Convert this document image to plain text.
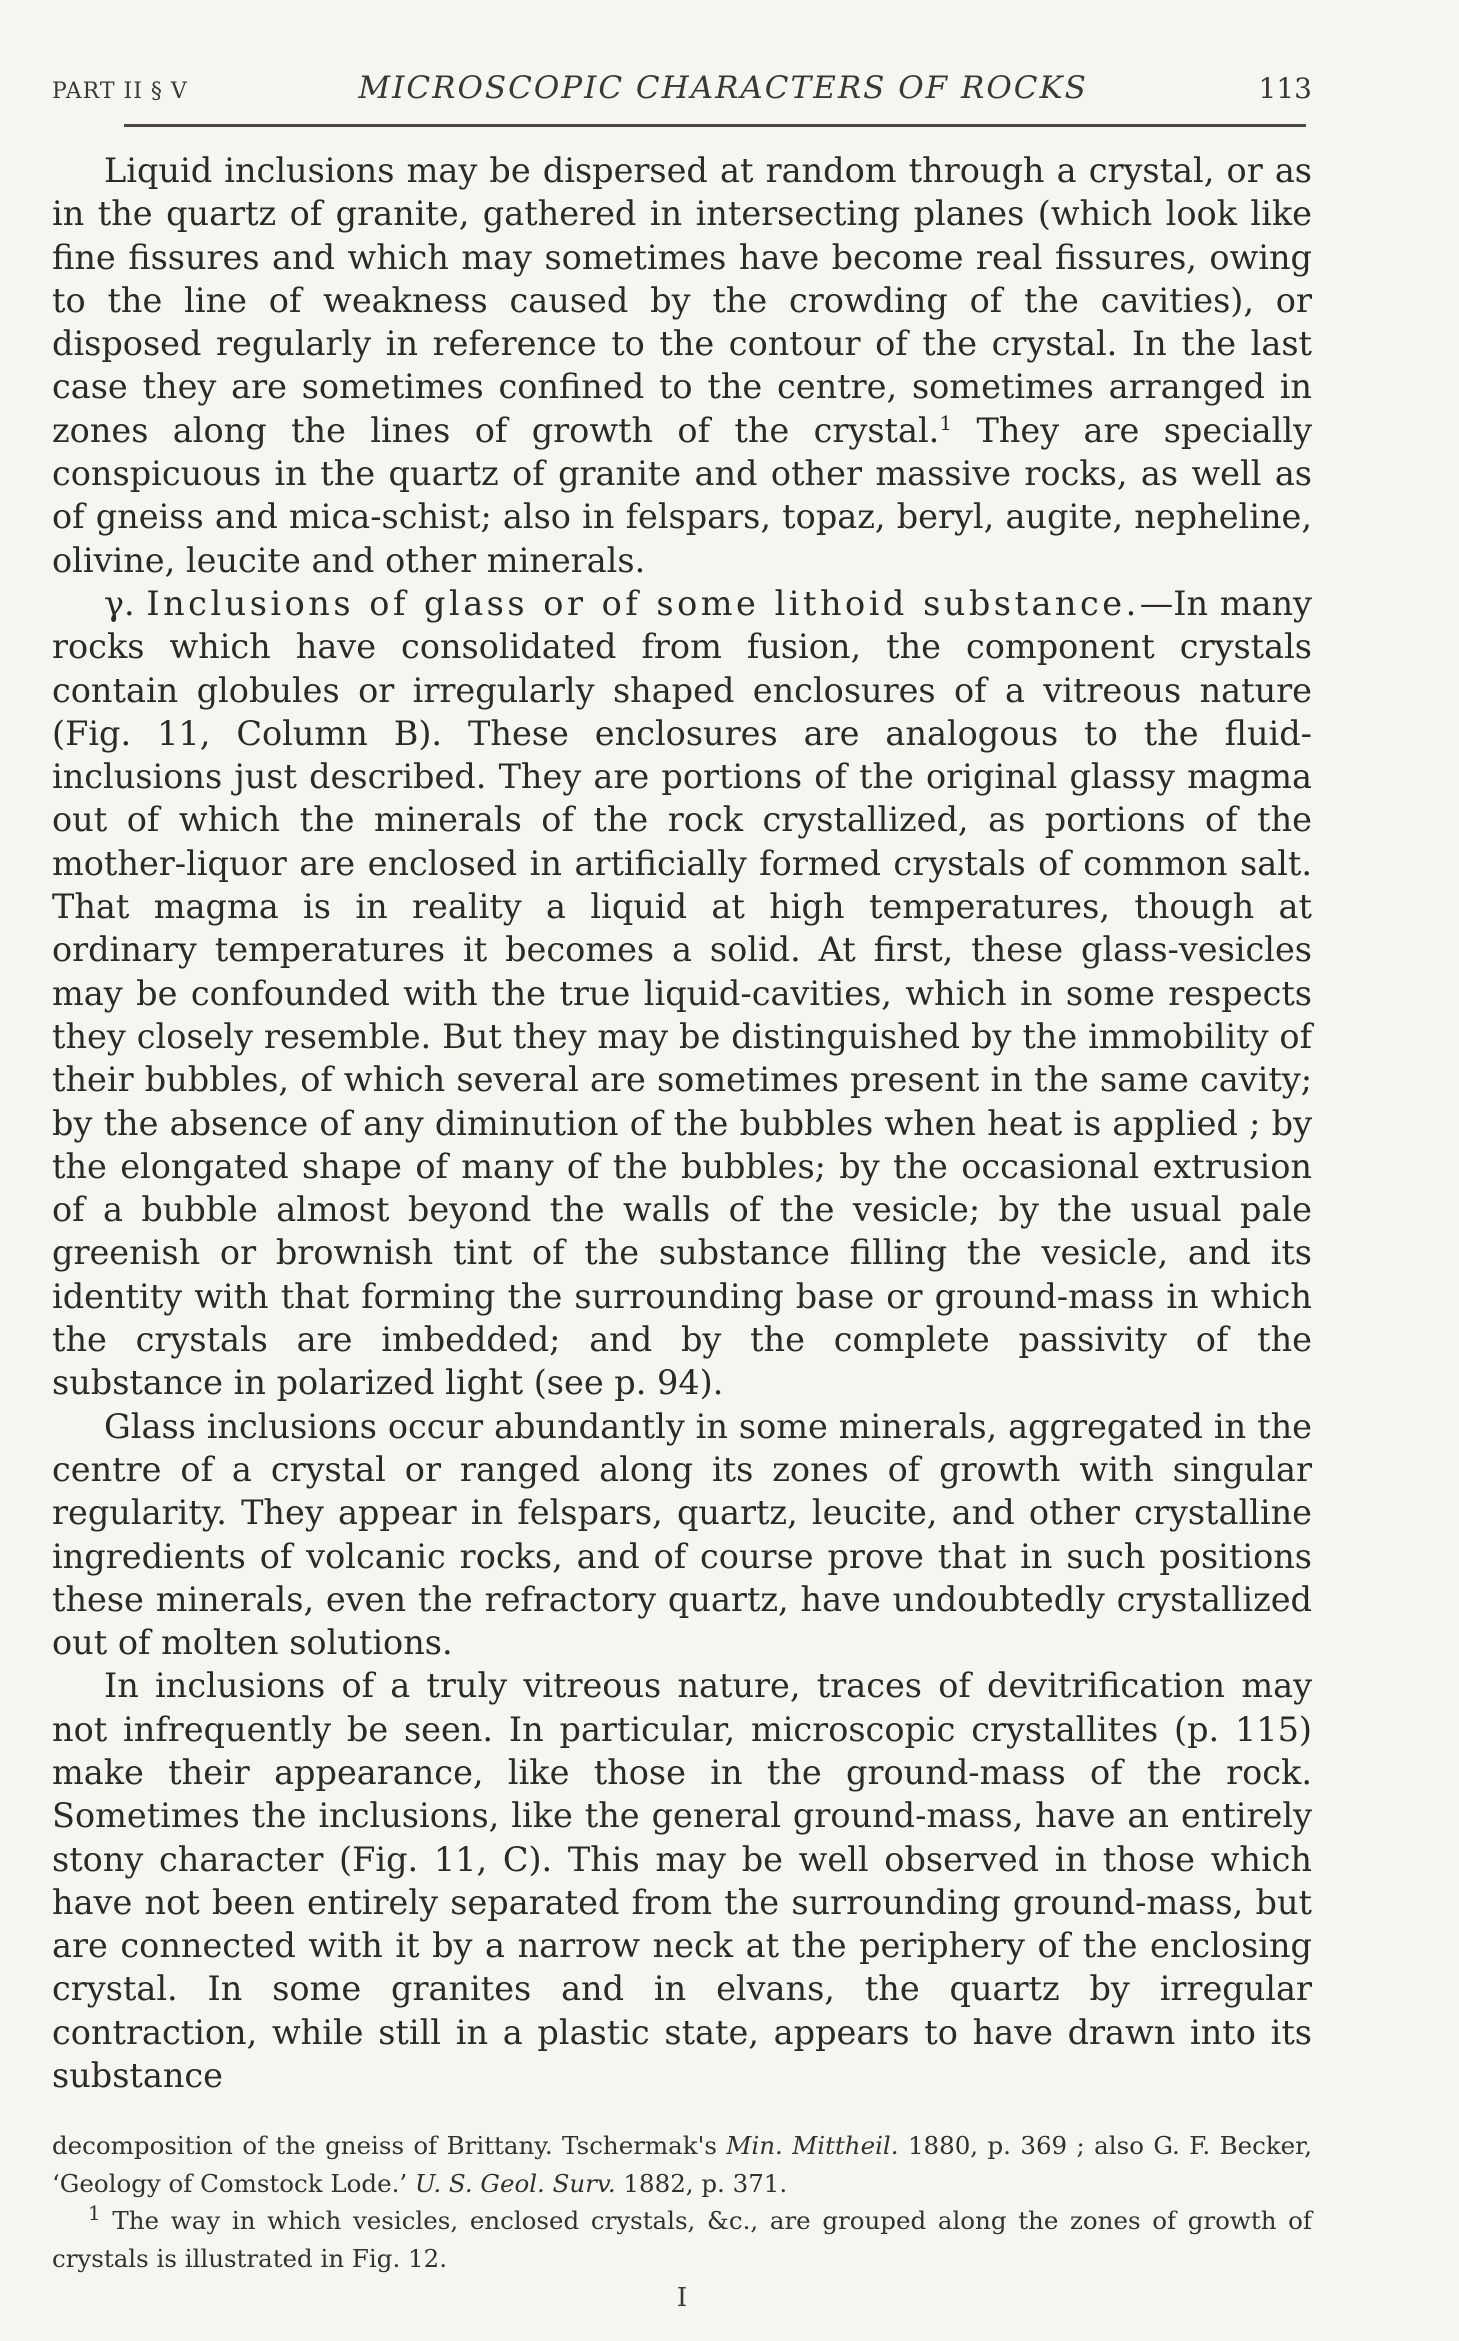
PART II § V	MICROSCOPIC CHARACTERS OF ROCKS	113

Liquid inclusions may be dispersed at random through a crystal, or as in the quartz of granite, gathered in intersecting planes (which look like fine fissures and which may sometimes have become real fissures, owing to the line of weakness caused by the crowding of the cavities), or disposed regularly in reference to the contour of the crystal. In the last case they are sometimes confined to the centre, sometimes arranged in zones along the lines of growth of the crystal.$^1$ They are specially conspicuous in the quartz of granite and other massive rocks, as well as of gneiss and mica-schist; also in felspars, topaz, beryl, augite, nepheline, olivine, leucite and other minerals.

γ. Inclusions of glass or of some lithoid substance.—In many rocks which have consolidated from fusion, the component crystals contain globules or irregularly shaped enclosures of a vitreous nature (Fig. 11, Column B). These enclosures are analogous to the fluid-inclusions just described. They are portions of the original glassy magma out of which the minerals of the rock crystallized, as portions of the mother-liquor are enclosed in artificially formed crystals of common salt. That magma is in reality a liquid at high temperatures, though at ordinary temperatures it becomes a solid. At first, these glass-vesicles may be confounded with the true liquid-cavities, which in some respects they closely resemble. But they may be distinguished by the immobility of their bubbles, of which several are sometimes present in the same cavity; by the absence of any diminution of the bubbles when heat is applied ; by the elongated shape of many of the bubbles; by the occasional extrusion of a bubble almost beyond the walls of the vesicle; by the usual pale greenish or brownish tint of the substance filling the vesicle, and its identity with that forming the surrounding base or ground-mass in which the crystals are imbedded; and by the complete passivity of the substance in polarized light (see p. 94).

Glass inclusions occur abundantly in some minerals, aggregated in the centre of a crystal or ranged along its zones of growth with singular regularity. They appear in felspars, quartz, leucite, and other crystalline ingredients of volcanic rocks, and of course prove that in such positions these minerals, even the refractory quartz, have undoubtedly crystallized out of molten solutions.

In inclusions of a truly vitreous nature, traces of devitrification may not infrequently be seen. In particular, microscopic crystallites (p. 115) make their appearance, like those in the ground-mass of the rock. Sometimes the inclusions, like the general ground-mass, have an entirely stony character (Fig. 11, C). This may be well observed in those which have not been entirely separated from the surrounding ground-mass, but are connected with it by a narrow neck at the periphery of the enclosing crystal. In some granites and in elvans, the quartz by irregular contraction, while still in a plastic state, appears to have drawn into its substance

decomposition of the gneiss of Brittany. Tschermak's Min. Mittheil. 1880, p. 369 ; also G. F. Becker, ‘Geology of Comstock Lode.’ U. S. Geol. Surv. 1882, p. 371.

$^1$ The way in which vesicles, enclosed crystals, &c., are grouped along the zones of growth of crystals is illustrated in Fig. 12.

I
